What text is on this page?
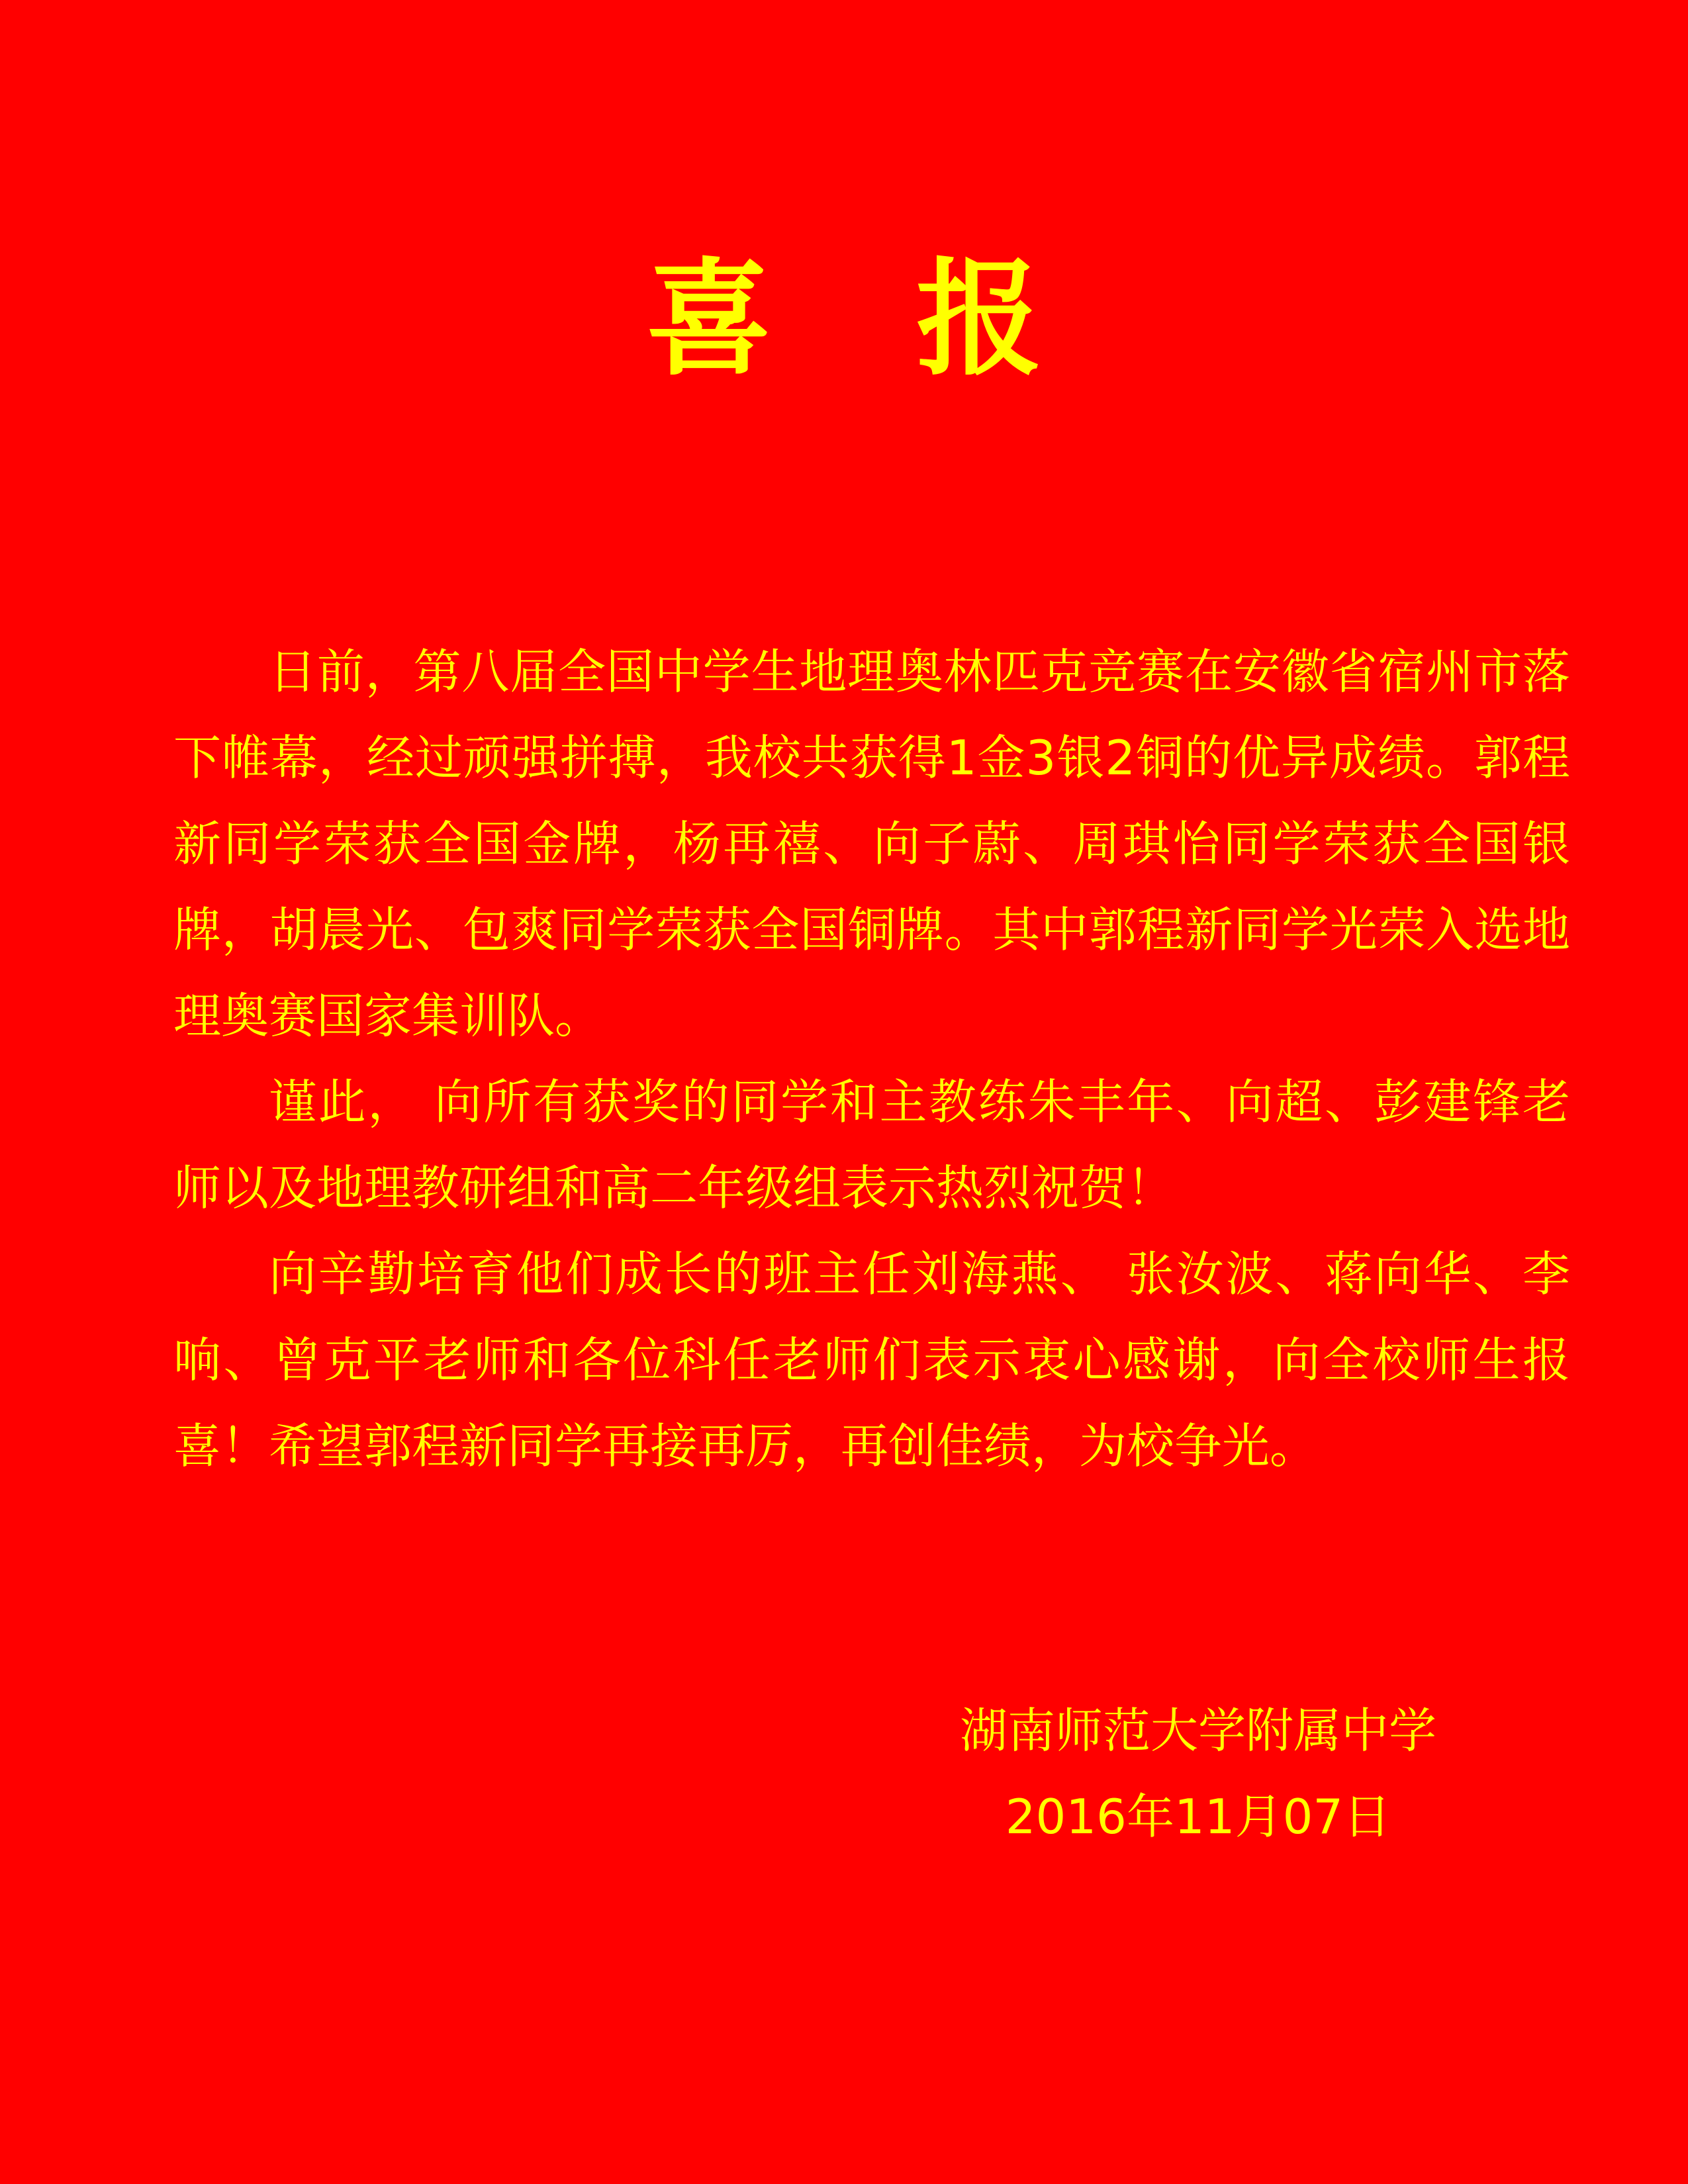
喜 报

日前，第八届全国中学生地理奥林匹克竞赛在安徽省宿州市落下帷幕，经过顽强拼搏，我校共获得1金3银2铜的优异成绩。郭程新同学荣获全国金牌，杨再禧、向子蔚、周琪怡同学荣获全国银牌，胡晨光、包爽同学荣获全国铜牌。其中郭程新同学光荣入选地理奥赛国家集训队。

谨此， 向所有获奖的同学和主教练朱丰年、向超、彭建锋老师以及地理教研组和高二年级组表示热烈祝贺！

向辛勤培育他们成长的班主任刘海燕、 张汝波、蒋向华、李响、曾克平老师和各位科任老师们表示衷心感谢，向全校师生报喜！希望郭程新同学再接再厉，再创佳绩，为校争光。

湖南师范大学附属中学
2016年11月07日
